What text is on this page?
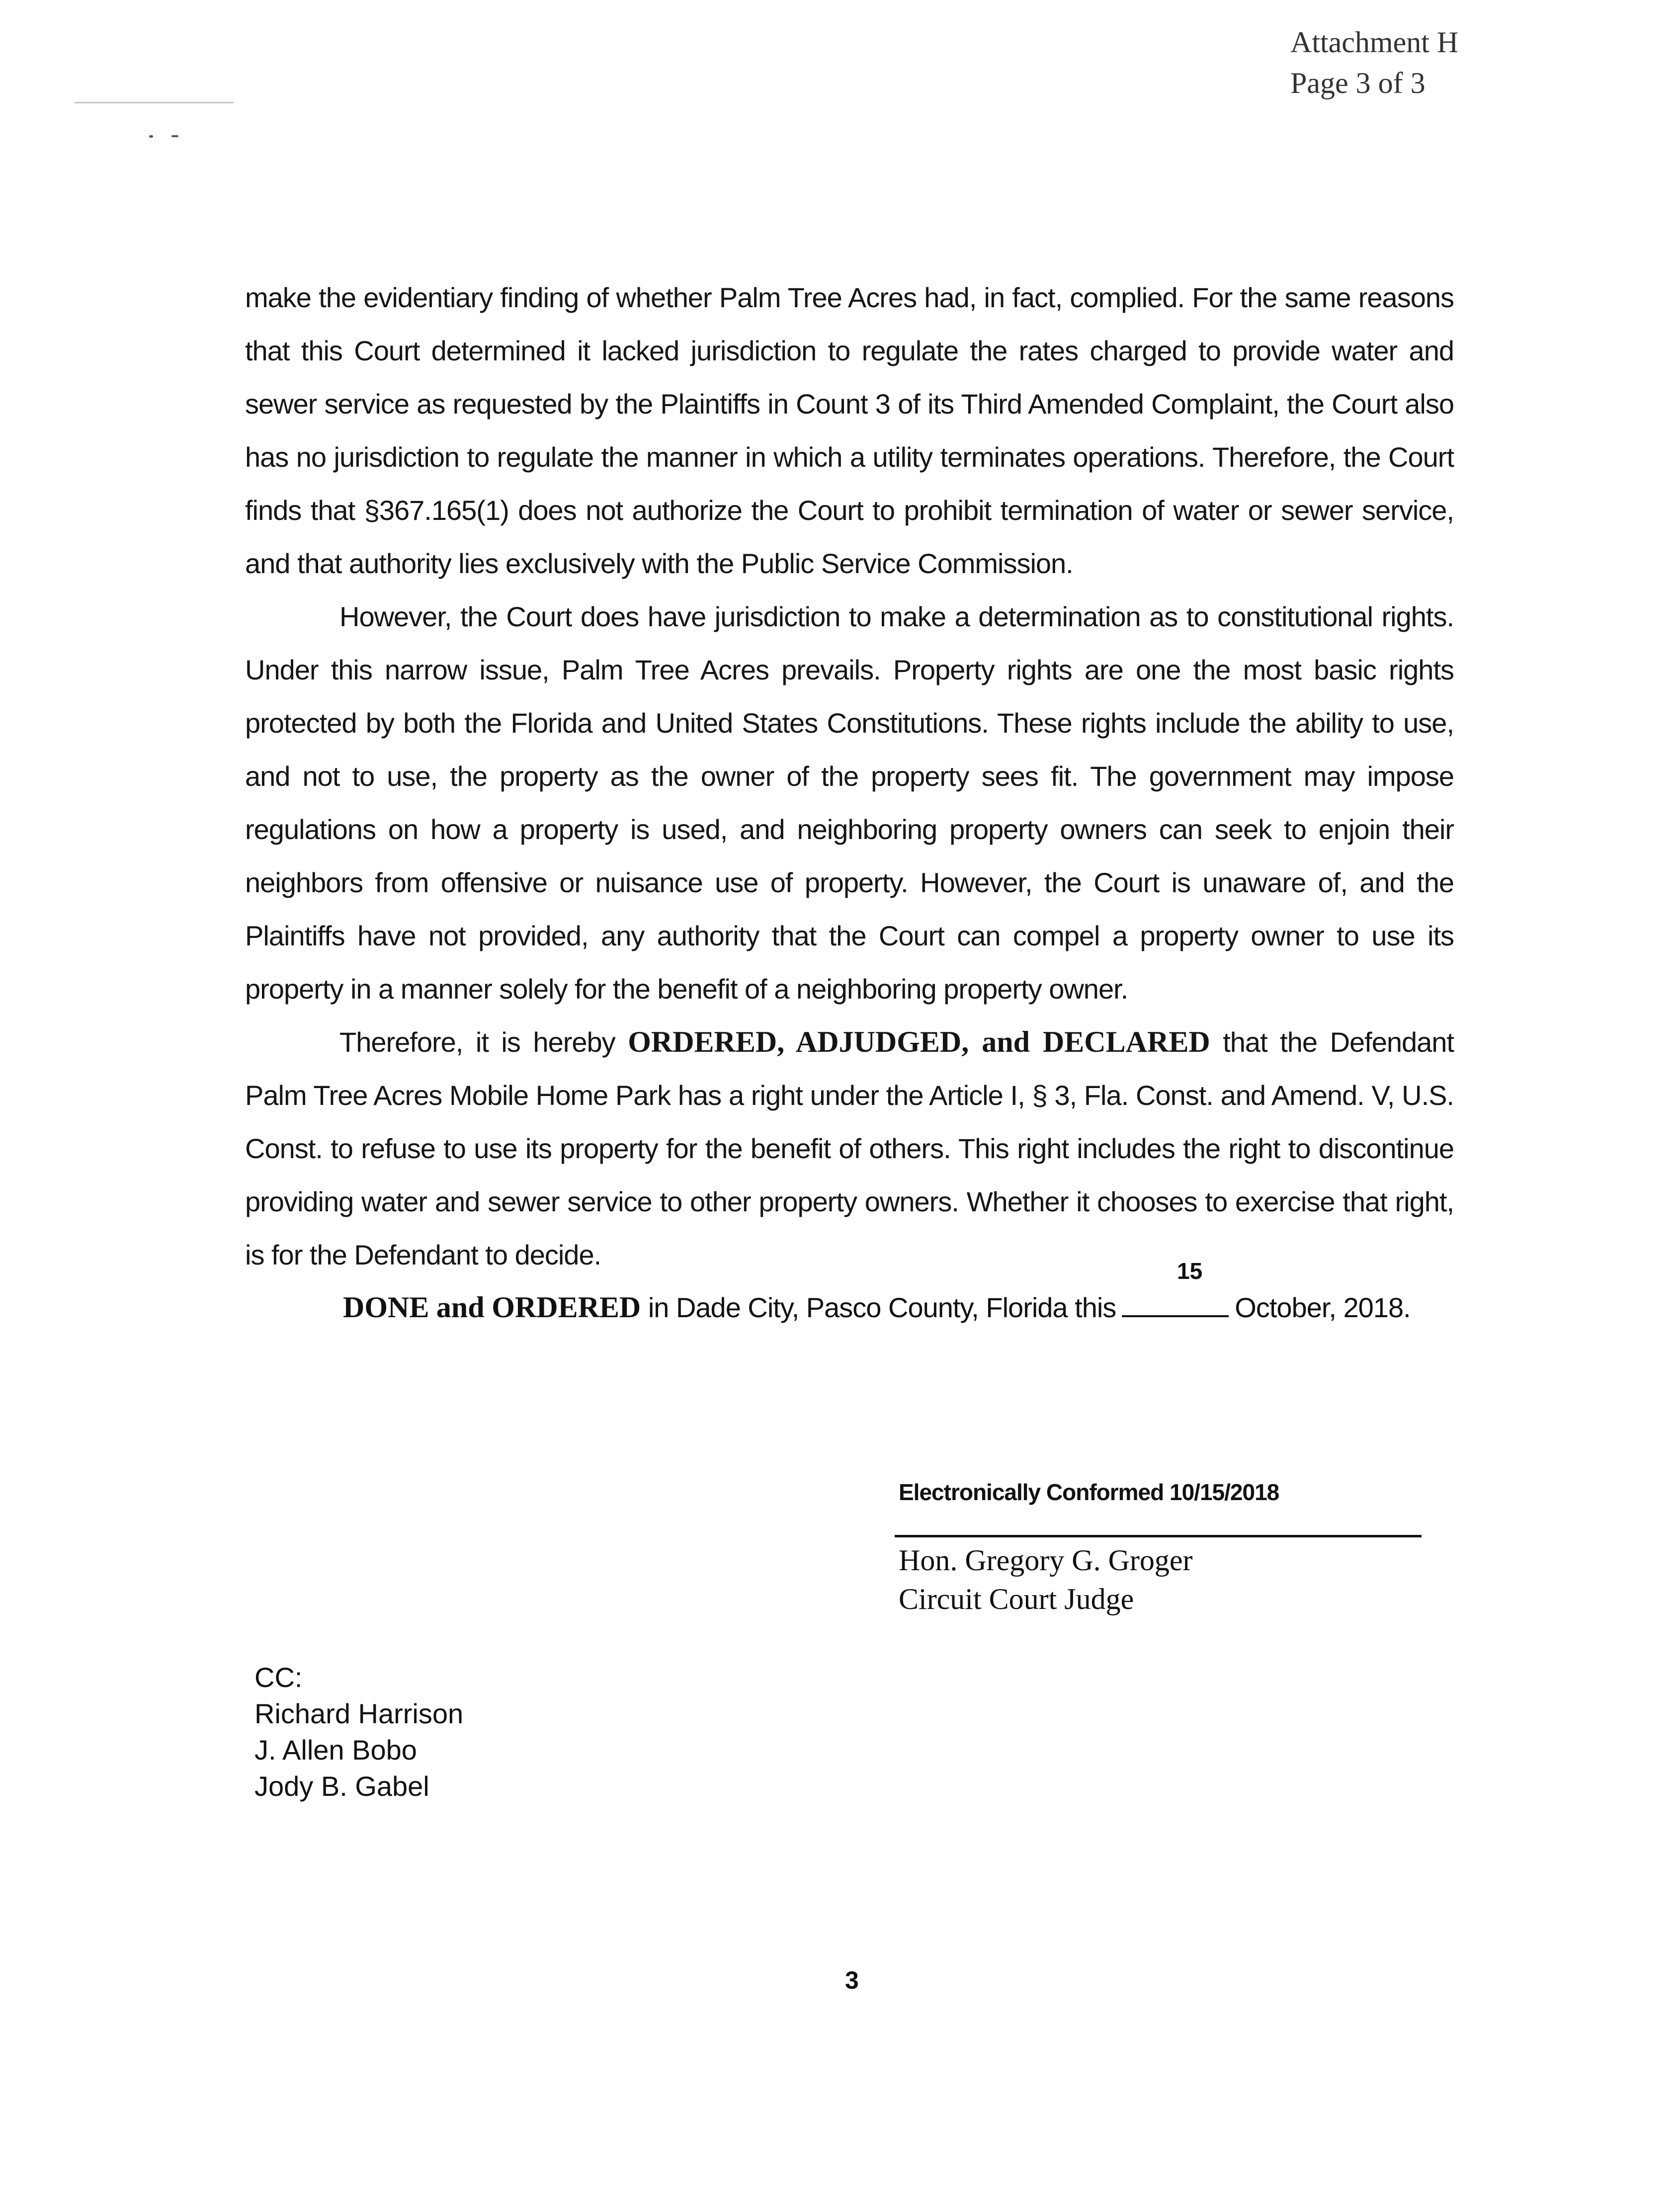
Attachment H
Page 3 of 3

make the evidentiary finding of whether Palm Tree Acres had, in fact, complied. For the same reasons that this Court determined it lacked jurisdiction to regulate the rates charged to provide water and sewer service as requested by the Plaintiffs in Count 3 of its Third Amended Complaint, the Court also has no jurisdiction to regulate the manner in which a utility terminates operations. Therefore, the Court finds that §367.165(1) does not authorize the Court to prohibit termination of water or sewer service, and that authority lies exclusively with the Public Service Commission.

However, the Court does have jurisdiction to make a determination as to constitutional rights. Under this narrow issue, Palm Tree Acres prevails. Property rights are one the most basic rights protected by both the Florida and United States Constitutions. These rights include the ability to use, and not to use, the property as the owner of the property sees fit. The government may impose regulations on how a property is used, and neighboring property owners can seek to enjoin their neighbors from offensive or nuisance use of property. However, the Court is unaware of, and the Plaintiffs have not provided, any authority that the Court can compel a property owner to use its property in a manner solely for the benefit of a neighboring property owner.

Therefore, it is hereby ORDERED, ADJUDGED, and DECLARED that the Defendant Palm Tree Acres Mobile Home Park has a right under the Article I, § 3, Fla. Const. and Amend. V, U.S. Const. to refuse to use its property for the benefit of others. This right includes the right to discontinue providing water and sewer service to other property owners. Whether it chooses to exercise that right, is for the Defendant to decide.

15
DONE and ORDERED in Dade City, Pasco County, Florida this	October, 2018.
Electronically Conformed 10/15/2018
Hon. Gregory G. Groger
Circuit Court Judge
CC:
Richard Harrison
J. Allen Bobo
Jody B. Gabel
3
